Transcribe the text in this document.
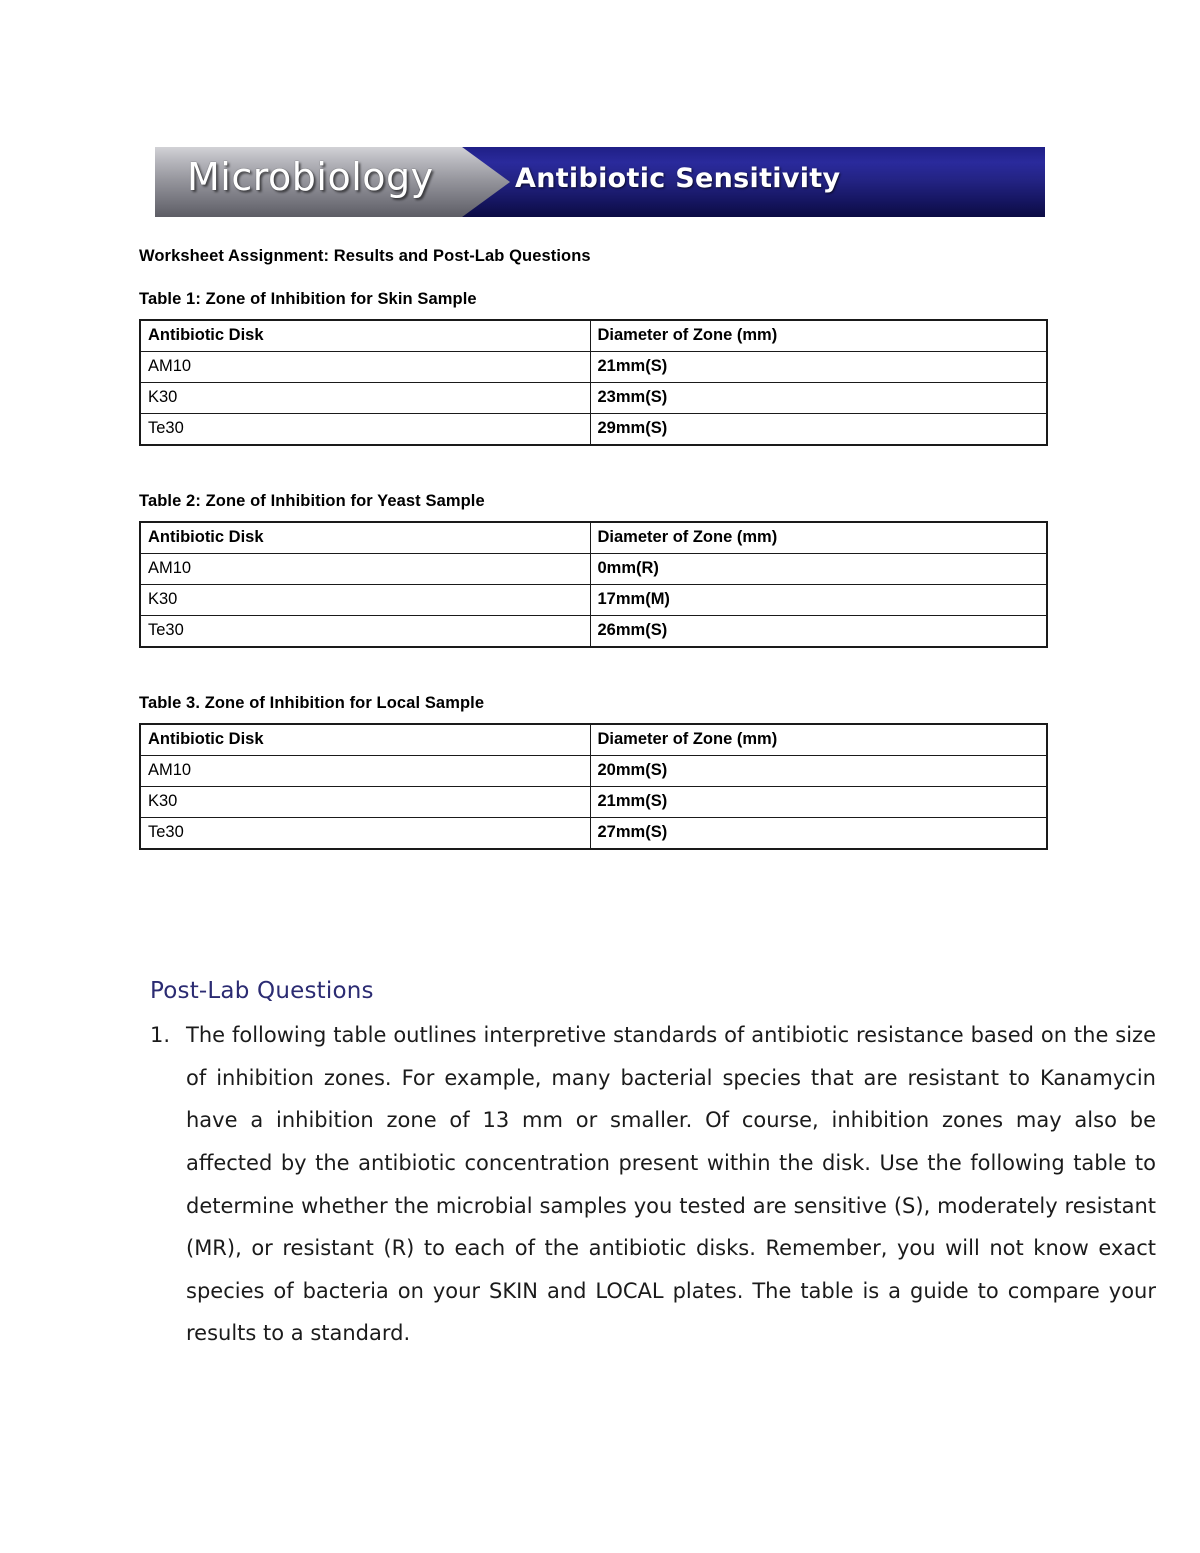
Microbiology	Antibiotic Sensitivity
Worksheet Assignment: Results and Post-Lab Questions
Table 1: Zone of Inhibition for Skin Sample
Antibiotic Disk	Diameter of Zone (mm)
AM10	21mm(S)
K30	23mm(S)
Te30	29mm(S)
Table 2: Zone of Inhibition for Yeast Sample
Antibiotic Disk	Diameter of Zone (mm)
AM10	0mm(R)
K30	17mm(M)
Te30	26mm(S)
Table 3. Zone of Inhibition for Local Sample
Antibiotic Disk	Diameter of Zone (mm)
AM10	20mm(S)
K30	21mm(S)
Te30	27mm(S)
Post-Lab Questions
The following table outlines interpretive standards of antibiotic resistance based on the size of inhibition zones. For example, many bacterial species that are resistant to Kanamycin have a inhibition zone of 13 mm or smaller. Of course, inhibition zones may also be affected by the antibiotic concentration present within the disk. Use the following table to determine whether the microbial samples you tested are sensitive (S), moderately resistant (MR), or resistant (R) to each of the antibiotic disks. Remember, you will not know exact species of bacteria on your SKIN and LOCAL plates. The table is a guide to compare your results to a standard.
